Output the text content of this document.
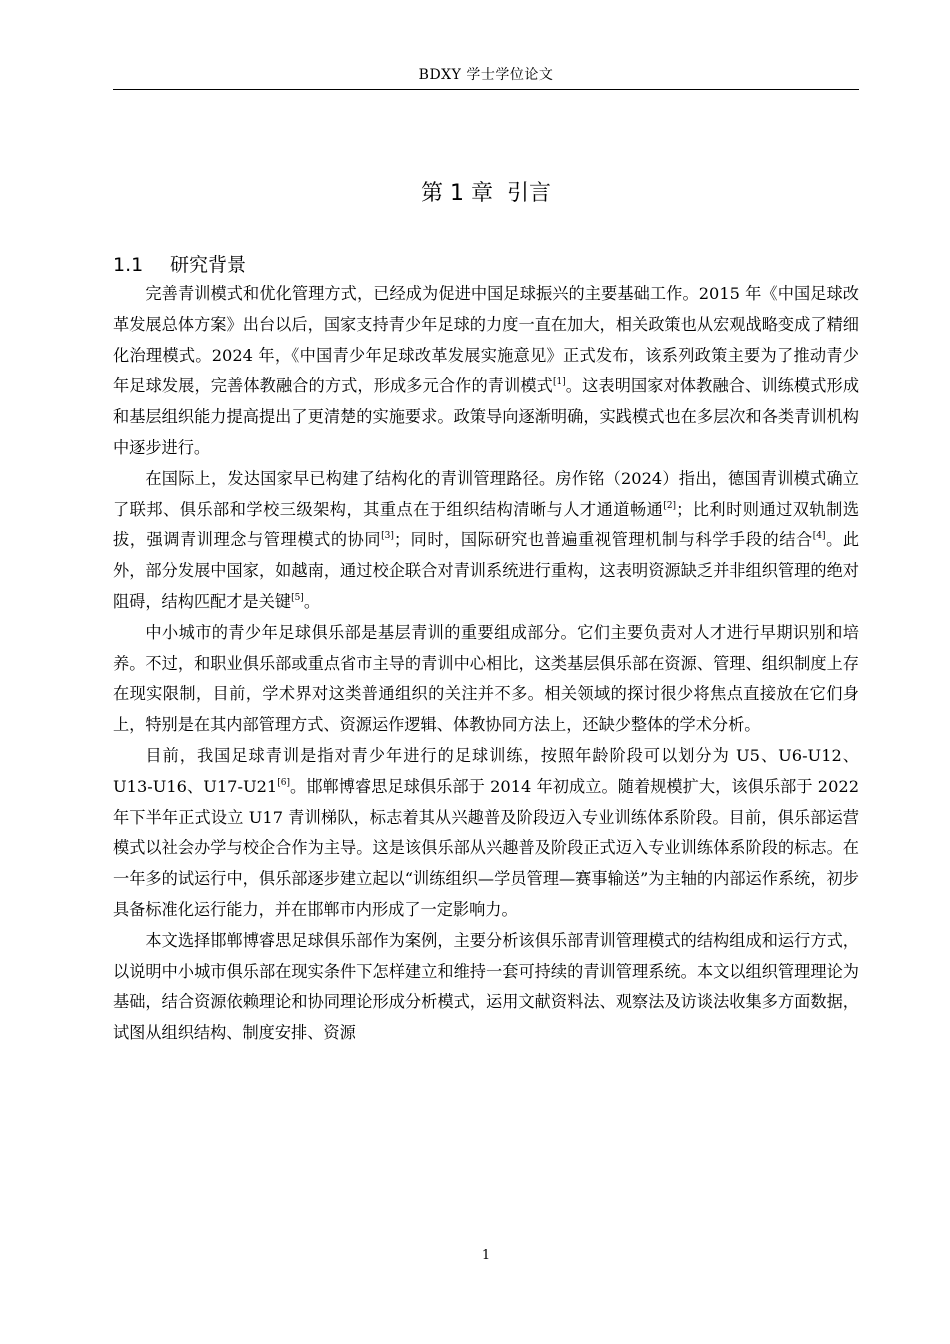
BDXY 学士学位论文
第 1 章 引言
1.1 研究背景

完善青训模式和优化管理方式，已经成为促进中国足球振兴的主要基础工作。2015 年《中国足球改革发展总体方案》出台以后，国家支持青少年足球的力度一直在加大，相关政策也从宏观战略变成了精细化治理模式。2024 年，《中国青少年足球改革发展实施意见》正式发布，该系列政策主要为了推动青少年足球发展，完善体教融合的方式，形成多元合作的青训模式[1]。这表明国家对体教融合、训练模式形成和基层组织能力提高提出了更清楚的实施要求。政策导向逐渐明确，实践模式也在多层次和各类青训机构中逐步进行。

在国际上，发达国家早已构建了结构化的青训管理路径。房作铭（2024）指出，德国青训模式确立了联邦、俱乐部和学校三级架构，其重点在于组织结构清晰与人才通道畅通[2]；比利时则通过双轨制选拔，强调青训理念与管理模式的协同[3]；同时，国际研究也普遍重视管理机制与科学手段的结合[4]。此外，部分发展中国家，如越南，通过校企联合对青训系统进行重构，这表明资源缺乏并非组织管理的绝对阻碍，结构匹配才是关键[5]。

中小城市的青少年足球俱乐部是基层青训的重要组成部分。它们主要负责对人才进行早期识别和培养。不过，和职业俱乐部或重点省市主导的青训中心相比，这类基层俱乐部在资源、管理、组织制度上存在现实限制，目前，学术界对这类普通组织的关注并不多。相关领域的探讨很少将焦点直接放在它们身上，特别是在其内部管理方式、资源运作逻辑、体教协同方法上，还缺少整体的学术分析。

目前，我国足球青训是指对青少年进行的足球训练，按照年龄阶段可以划分为 U5、U6-U12、U13-U16、U17-U21[6]。邯郸博睿思足球俱乐部于 2014 年初成立。随着规模扩大，该俱乐部于 2022 年下半年正式设立 U17 青训梯队，标志着其从兴趣普及阶段迈入专业训练体系阶段。目前，俱乐部运营模式以社会办学与校企合作为主导。这是该俱乐部从兴趣普及阶段正式迈入专业训练体系阶段的标志。在一年多的试运行中，俱乐部逐步建立起以“训练组织—学员管理—赛事输送”为主轴的内部运作系统，初步具备标准化运行能力，并在邯郸市内形成了一定影响力。

本文选择邯郸博睿思足球俱乐部作为案例，主要分析该俱乐部青训管理模式的结构组成和运行方式，以说明中小城市俱乐部在现实条件下怎样建立和维持一套可持续的青训管理系统。本文以组织管理理论为基础，结合资源依赖理论和协同理论形成分析模式，运用文献资料法、观察法及访谈法收集多方面数据，试图从组织结构、制度安排、资源

1
